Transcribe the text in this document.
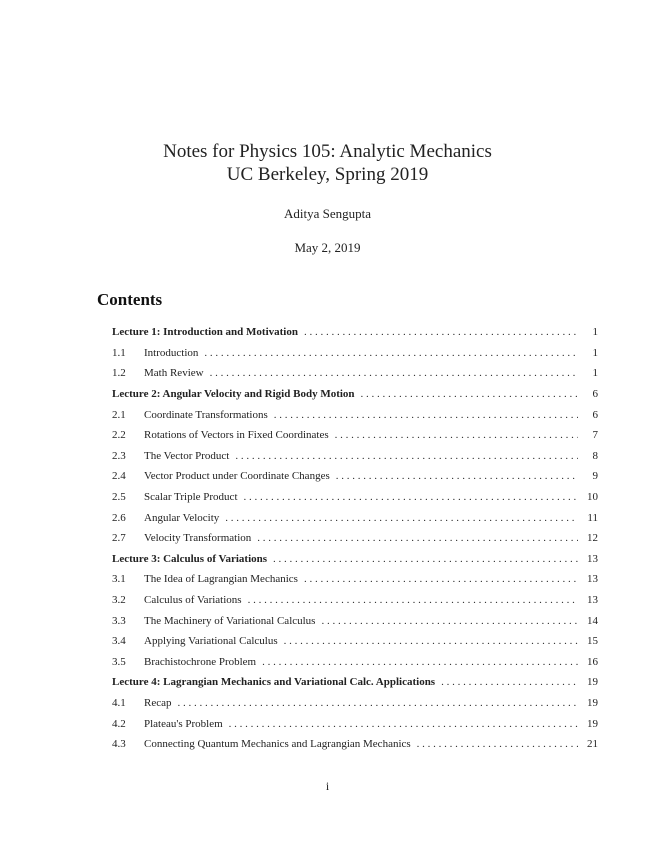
Notes for Physics 105: Analytic Mechanics
UC Berkeley, Spring 2019
Aditya Sengupta
May 2, 2019
Contents
Lecture 1: Introduction and Motivation . . .	1
1.1	Introduction . . .	1
1.2	Math Review . . .	1
Lecture 2: Angular Velocity and Rigid Body Motion . . .	6
2.1	Coordinate Transformations . . .	6
2.2	Rotations of Vectors in Fixed Coordinates . . .	7
2.3	The Vector Product . . .	8
2.4	Vector Product under Coordinate Changes . . .	9
2.5	Scalar Triple Product . . .	10
2.6	Angular Velocity . . .	11
2.7	Velocity Transformation . . .	12
Lecture 3: Calculus of Variations . . .	13
3.1	The Idea of Lagrangian Mechanics . . .	13
3.2	Calculus of Variations . . .	13
3.3	The Machinery of Variational Calculus . . .	14
3.4	Applying Variational Calculus . . .	15
3.5	Brachistochrone Problem . . .	16
Lecture 4: Lagrangian Mechanics and Variational Calc. Applications . . .	19
4.1	Recap . . .	19
4.2	Plateau's Problem . . .	19
4.3	Connecting Quantum Mechanics and Lagrangian Mechanics . . .	21
i
